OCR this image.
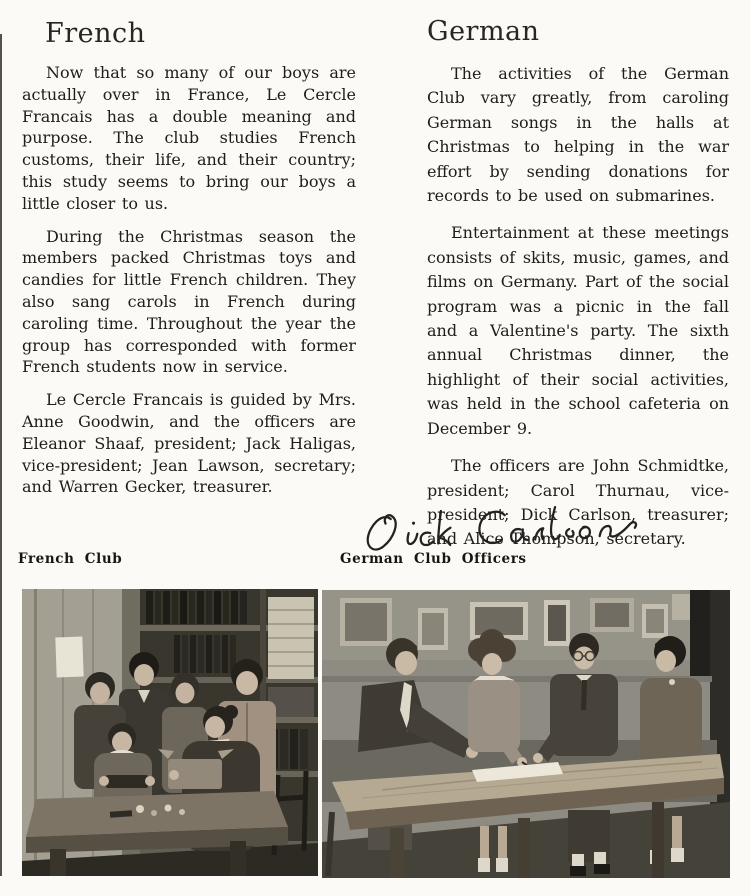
French	German

Now that so many of our boys are actually over in France, Le Cercle Francais has a double meaning and purpose. The club studies French customs, their life, and their country; this study seems to bring our boys a little closer to us.

During the Christmas season the members packed Christmas toys and candies for little French children. They also sang carols in French during caroling time. Throughout the year the group has corresponded with former French students now in service.

Le Cercle Francais is guided by Mrs. Anne Goodwin, and the officers are Eleanor Shaaf, president; Jack Haligas, vice-president; Jean Lawson, secretary; and Warren Gecker, treasurer.

The activities of the German Club vary greatly, from caroling German songs in the halls at Christmas to helping in the war effort by sending donations for records to be used on submarines.

Entertainment at these meetings consists of skits, music, games, and films on Germany. Part of the social program was a picnic in the fall and a Valentine's party. The sixth annual Christmas dinner, the highlight of their social activities, was held in the school cafeteria on December 9.

The officers are John Schmidtke, president; Carol Thurnau, vice-president; Dick Carlson, treasurer; and Alice Thompson, secretary.

French Club	German Club Officers
